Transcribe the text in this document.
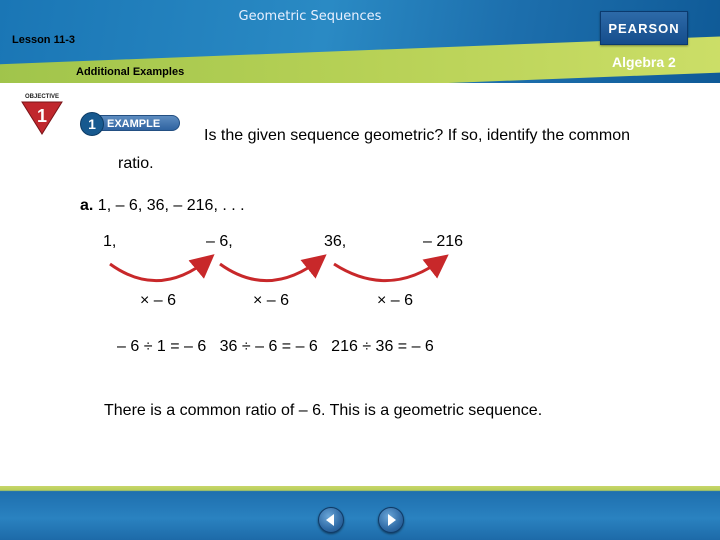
Geometric Sequences
Lesson 11-3
Additional Examples
Algebra 2
PEARSON
OBJECTIVE
1	EXAMPLE
1
Is the given sequence geometric? If so, identify the common ratio.
a. 1, – 6, 36, – 216, . . .
1,	– 6,	36,	– 216
× – 6	× – 6	× – 6
– 6 ÷ 1 = – 6 36 ÷ – 6 = – 6 216 ÷ 36 = – 6
There is a common ratio of – 6. This is a geometric sequence.
